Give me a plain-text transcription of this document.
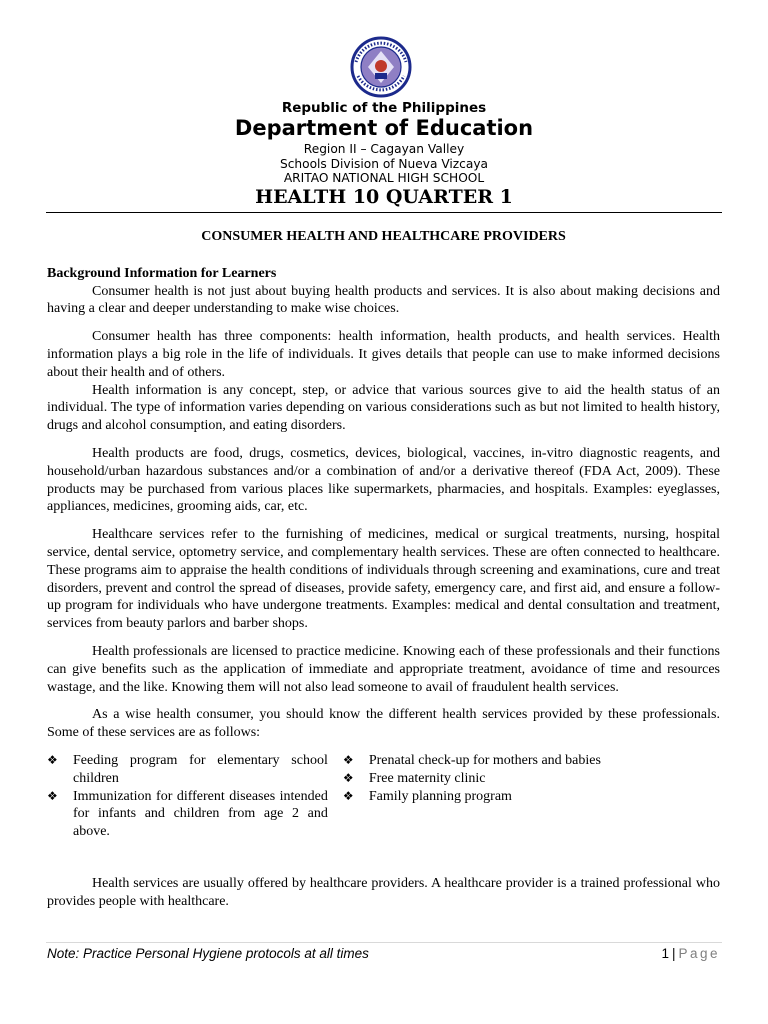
Republic of the Philippines
Department of Education
Region II – Cagayan Valley
Schools Division of Nueva Vizcaya
ARITAO NATIONAL HIGH SCHOOL
HEALTH 10 QUARTER 1
CONSUMER HEALTH AND HEALTHCARE PROVIDERS
Background Information for Learners

Consumer health is not just about buying health products and services. It is also about making decisions and having a clear and deeper understanding to make wise choices.

Consumer health has three components: health information, health products, and health services. Health information plays a big role in the life of individuals. It gives details that people can use to make informed decisions about their health and of others.

Health information is any concept, step, or advice that various sources give to aid the health status of an individual. The type of information varies depending on various considerations such as but not limited to health history, drugs and alcohol consumption, and eating disorders.

Health products are food, drugs, cosmetics, devices, biological, vaccines, in-vitro diagnostic reagents, and household/urban hazardous substances and/or a combination of and/or a derivative thereof (FDA Act, 2009). These products may be purchased from various places like supermarkets, pharmacies, and hospitals. Examples: eyeglasses, appliances, medicines, grooming aids, car, etc.

Healthcare services refer to the furnishing of medicines, medical or surgical treatments, nursing, hospital service, dental service, optometry service, and complementary health services. These are often connected to healthcare. These programs aim to appraise the health conditions of individuals through screening and examinations, cure and treat disorders, prevent and control the spread of diseases, provide safety, emergency care, and first aid, and ensure a follow-up program for individuals who have undergone treatments. Examples: medical and dental consultation and treatment, services from beauty parlors and barber shops.

Health professionals are licensed to practice medicine. Knowing each of these professionals and their functions can give benefits such as the application of immediate and appropriate treatment, avoidance of time and resources wastage, and the like. Knowing them will not also lead someone to avail of fraudulent health services.

As a wise health consumer, you should know the different health services provided by these professionals. Some of these services are as follows:

❖ Feeding program for elementary school children
❖ Immunization for different diseases intended for infants and children from age 2 and above.
❖ Prenatal check-up for mothers and babies
❖ Free maternity clinic
❖ Family planning program

Health services are usually offered by healthcare providers. A healthcare provider is a trained professional who provides people with healthcare.

Note: Practice Personal Hygiene protocols at all times	1 | Page
